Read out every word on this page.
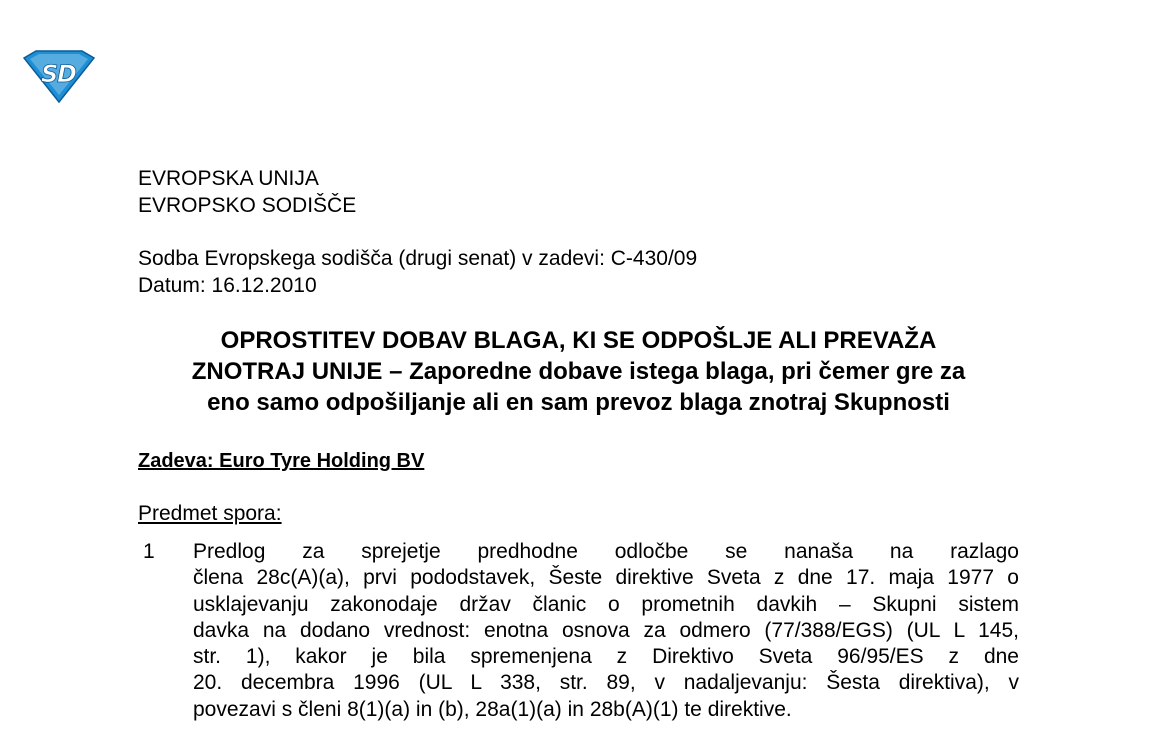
S
D
EVROPSKA UNIJA
EVROPSKO SODIŠČE
Sodba Evropskega sodišča (drugi senat) v zadevi: C-430/09
Datum: 16.12.2010
OPROSTITEV DOBAV BLAGA, KI SE ODPOŠLJE ALI PREVAŽA
ZNOTRAJ UNIJE – Zaporedne dobave istega blaga, pri čemer gre za
eno samo odpošiljanje ali en sam prevoz blaga znotraj Skupnosti
Zadeva: Euro Tyre Holding BV
Predmet spora:
1 Predlog za sprejetje predhodne odločbe se nanaša na razlago
člena 28c(A)(a), prvi pododstavek, Šeste direktive Sveta z dne 17. maja 1977 o
usklajevanju zakonodaje držav članic o prometnih davkih – Skupni sistem
davka na dodano vrednost: enotna osnova za odmero (77/388/EGS) (UL L 145,
str. 1), kakor je bila spremenjena z Direktivo Sveta 96/95/ES z dne
20. decembra 1996 (UL L 338, str. 89, v nadaljevanju: Šesta direktiva), v
povezavi s členi 8(1)(a) in (b), 28a(1)(a) in 28b(A)(1) te direktive.
